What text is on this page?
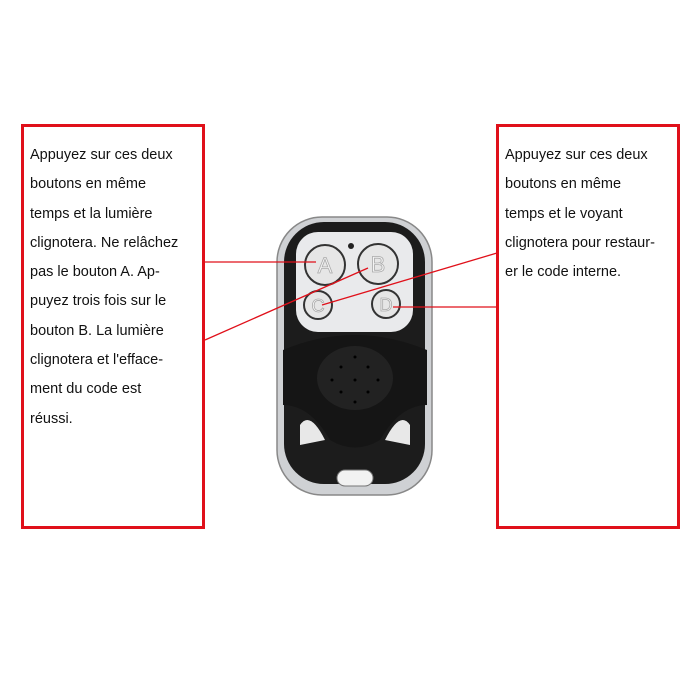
A B
C	D
Appuyez sur ces deux
boutons en même
temps et la lumière
clignotera. Ne relâchez
pas le bouton A. Ap-
puyez trois fois sur le
bouton B. La lumière
clignotera et l'efface-
ment du code est
réussi.
Appuyez sur ces deux
boutons en même
temps et le voyant
clignotera pour restaur-
er le code interne.
